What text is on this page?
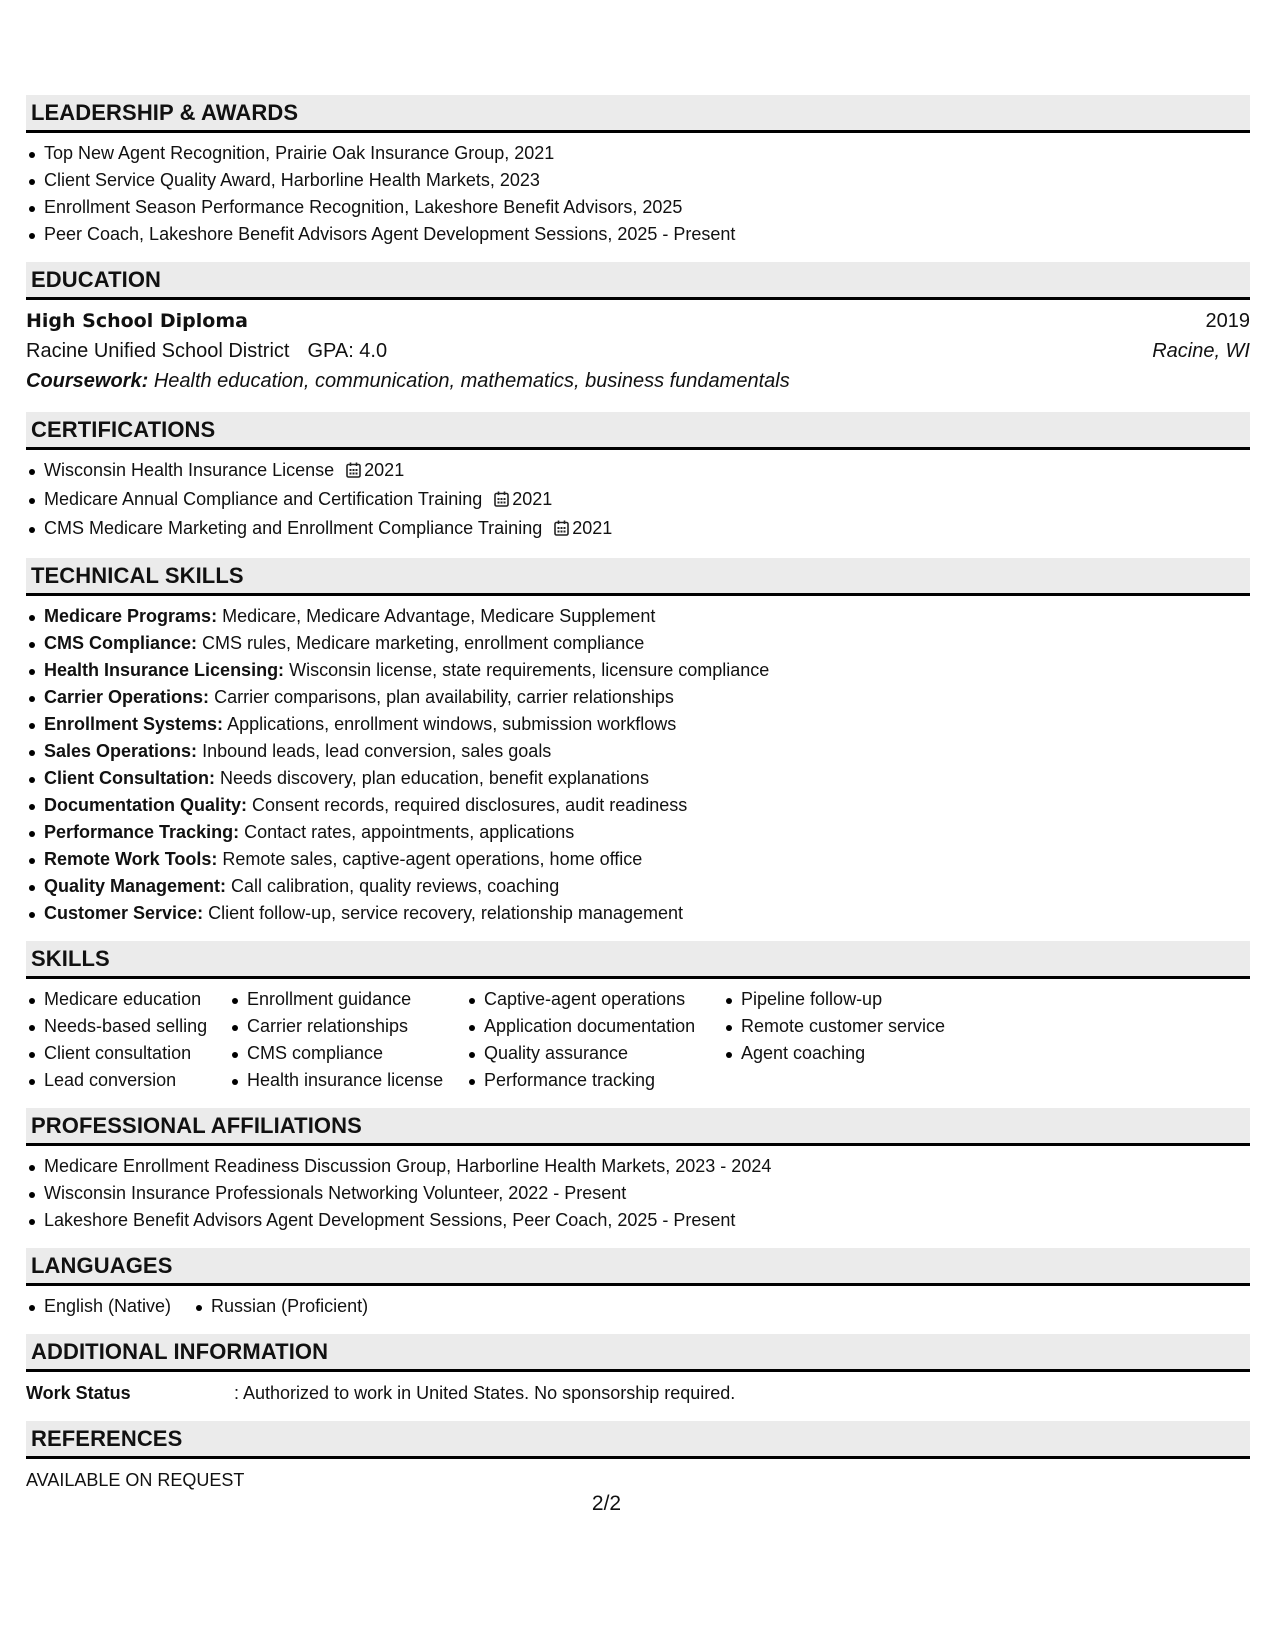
LEADERSHIP & AWARDS
Top New Agent Recognition, Prairie Oak Insurance Group, 2021
Client Service Quality Award, Harborline Health Markets, 2023
Enrollment Season Performance Recognition, Lakeshore Benefit Advisors, 2025
Peer Coach, Lakeshore Benefit Advisors Agent Development Sessions, 2025 - Present
EDUCATION
High School Diploma	2019
Racine Unified School District GPA: 4.0	Racine, WI
Coursework:
Health education, communication, mathematics, business fundamentals
CERTIFICATIONS
Wisconsin Health Insurance License 2021
Medicare Annual Compliance and Certification Training 2021
CMS Medicare Marketing and Enrollment Compliance Training 2021
TECHNICAL SKILLS
Medicare Programs: Medicare, Medicare Advantage, Medicare Supplement
CMS Compliance: CMS rules, Medicare marketing, enrollment compliance
Health Insurance Licensing: Wisconsin license, state requirements, licensure compliance
Carrier Operations: Carrier comparisons, plan availability, carrier relationships
Enrollment Systems: Applications, enrollment windows, submission workflows
Sales Operations: Inbound leads, lead conversion, sales goals
Client Consultation: Needs discovery, plan education, benefit explanations
Documentation Quality: Consent records, required disclosures, audit readiness
Performance Tracking: Contact rates, appointments, applications
Remote Work Tools: Remote sales, captive-agent operations, home office
Quality Management: Call calibration, quality reviews, coaching
Customer Service: Client follow-up, service recovery, relationship management
SKILLS
Medicare education
Needs-based selling
Client consultation
Lead conversion
Enrollment guidance
Carrier relationships
CMS compliance
Health insurance license
Captive-agent operations
Application documentation
Quality assurance
Performance tracking
Pipeline follow-up
Remote customer service
Agent coaching
PROFESSIONAL AFFILIATIONS
Medicare Enrollment Readiness Discussion Group, Harborline Health Markets, 2023 - 2024
Wisconsin Insurance Professionals Networking Volunteer, 2022 - Present
Lakeshore Benefit Advisors Agent Development Sessions, Peer Coach, 2025 - Present
LANGUAGES
English (Native)	Russian (Proficient)
ADDITIONAL INFORMATION
Work Status	: Authorized to work in United States. No sponsorship required.
REFERENCES
AVAILABLE ON REQUEST
2/2
